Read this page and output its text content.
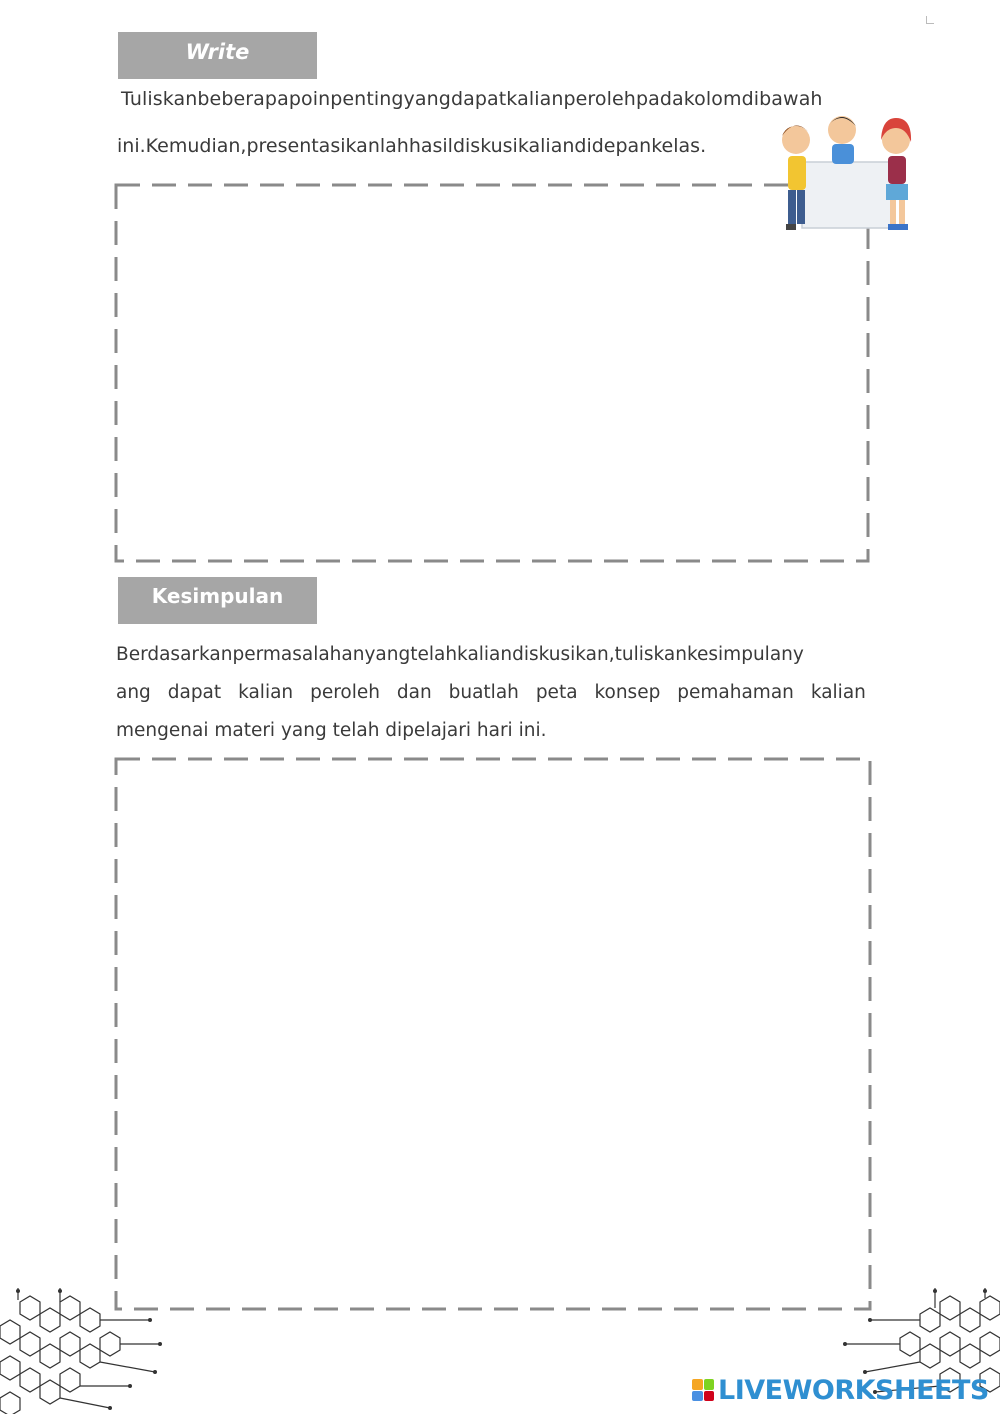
Write
Tuliskanbeberapapoinpentingyangdapatkalianperolehpadakolomdibawah
ini.Kemudian,presentasikanlahhasildiskusikaliandidepankelas.
Kesimpulan
Berdasarkanpermasalahanyangtelahkaliandiskusikan,tuliskankesimpulany
ang dapat kalian peroleh dan buatlah peta konsep pemahaman kalian
mengenai materi yang telah dipelajari hari ini.
LIVEWORKSHEETS
